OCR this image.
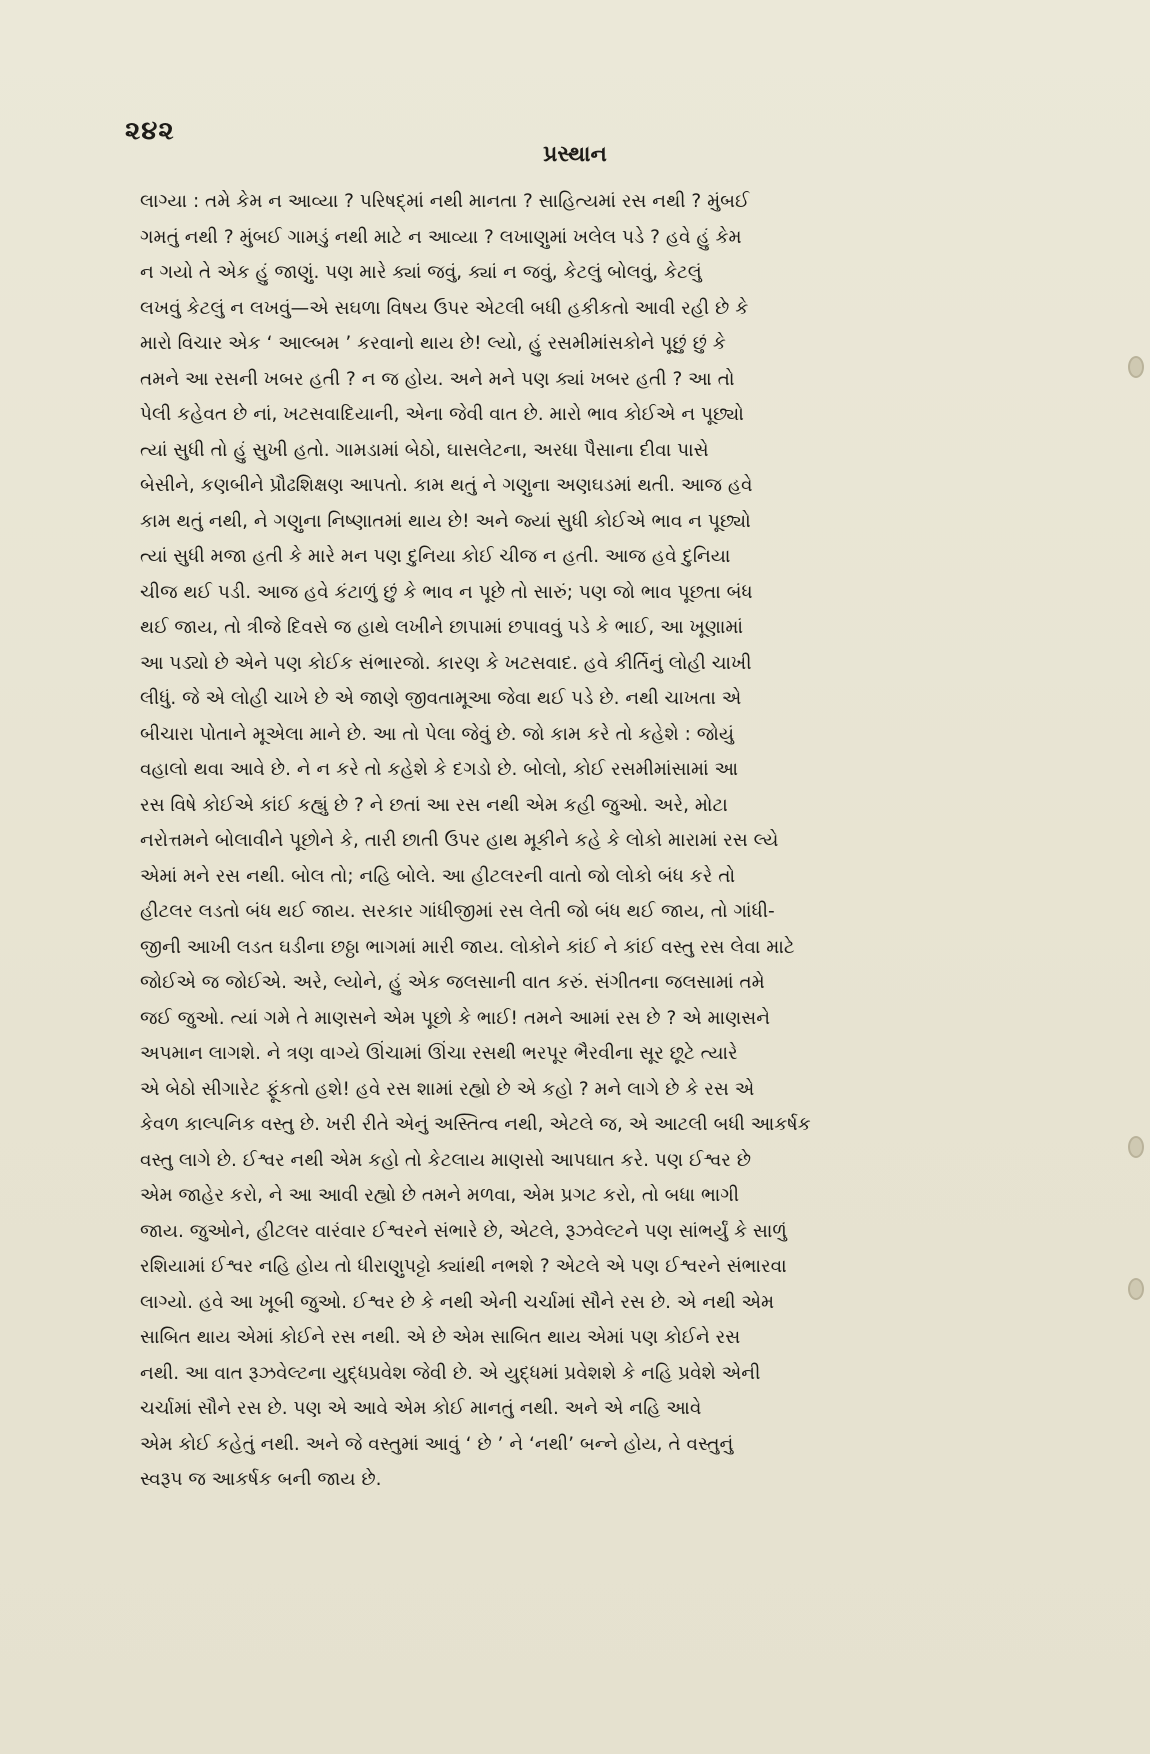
૨૪૨
પ્રસ્થાન
લાગ્યા : તમે કેમ ન આવ્યા ? પરિષદ્‌માં નથી માનતા ? સાહિત્યમાં રસ નથી ? મુંબઈ
ગમતું નથી ? મુંબઈ ગામડું નથી માટે ન આવ્યા ? લખાણુમાં ખલેલ પડે ? હવે હું કેમ
ન ગયો તે એક હું જાણું. પણ મારે ક્યાં જવું, ક્યાં ન જવું, કેટલું બોલવું, કેટલું
લખવું કેટલું ન લખવું—એ સઘળા વિષય ઉપર એટલી બધી હકીકતો આવી રહી છે કે
મારો વિચાર એક ‘ આલ્બમ ’ કરવાનો થાય છે! લ્યો, હું રસમીમાંસકોને પૂછું છું કે
તમને આ રસની ખબર હતી ? ન જ હોય. અને મને પણ ક્યાં ખબર હતી ? આ તો
પેલી કહેવત છે નાં, ખટસવાદિયાની, એના જેવી વાત છે. મારો ભાવ કોઈએ ન પૂછ્યો
ત્યાં સુધી તો હું સુખી હતો. ગામડામાં બેઠો, ઘાસલેટના, અરધા પૈસાના દીવા પાસે
બેસીને, કણબીને પ્રૌઢશિક્ષણ આપતો. કામ થતું ને ગણુના અણઘડમાં થતી. આજ હવે
કામ થતું નથી, ને ગણુના નિષ્ણાતમાં થાય છે! અને જ્યાં સુધી કોઈએ ભાવ ન પૂછ્યો
ત્યાં સુધી મજા હતી કે મારે મન પણ દુનિયા કોઈ ચીજ ન હતી. આજ હવે દુનિયા
ચીજ થઈ પડી. આજ હવે કંટાળું છું કે ભાવ ન પૂછે તો સારું; પણ જો ભાવ પૂછતા બંધ
થઈ જાય, તો ત્રીજે દિવસે જ હાથે લખીને છાપામાં છપાવવું પડે કે ભાઈ, આ ખૂણામાં
આ પડ્યો છે એને પણ કોઈક સંભારજો. કારણ કે ખટસવાદ. હવે કીર્તિનું લોહી ચાખી
લીધું. જે એ લોહી ચાખે છે એ જાણે જીવતામૂઆ જેવા થઈ પડે છે. નથી ચાખતા એ
બીચારા પોતાને મૂએલા માને છે. આ તો પેલા જેવું છે. જો કામ કરે તો કહેશે : જોયું
વહાલો થવા આવે છે. ને ન કરે તો કહેશે કે દગડો છે. બોલો, કોઈ રસમીમાંસામાં આ
રસ વિષે કોઈએ કાંઈ કહ્યું છે ? ને છતાં આ રસ નથી એમ કહી જુઓ. અરે, મોટા
નરોત્તમને બોલાવીને પૂછોને કે, તારી છાતી ઉપર હાથ મૂકીને કહે કે લોકો મારામાં રસ લ્યે
એમાં મને રસ નથી. બોલ તો; નહિ બોલે. આ હીટલરની વાતો જો લોકો બંધ કરે તો
હીટલર લડતો બંધ થઈ જાય. સરકાર ગાંધીજીમાં રસ લેતી જો બંધ થઈ જાય, તો ગાંધી-
જીની આખી લડત ઘડીના છઠ્ઠા ભાગમાં મારી જાય. લોકોને કાંઈ ને કાંઈ વસ્તુ રસ લેવા માટે
જોઈએ જ જોઈએ. અરે, લ્યોને, હું એક જલસાની વાત કરું. સંગીતના જલસામાં તમે
જઈ જુઓ. ત્યાં ગમે તે માણસને એમ પૂછો કે ભાઈ! તમને આમાં રસ છે ? એ માણસને
અપમાન લાગશે. ને ત્રણ વાગ્યે ઊંચામાં ઊંચા રસથી ભરપૂર ભૈરવીના સૂર છૂટે ત્યારે
એ બેઠો સીગારેટ ફૂંકતો હશે! હવે રસ શામાં રહ્યો છે એ કહો ? મને લાગે છે કે રસ એ
કેવળ કાલ્પનિક વસ્તુ છે. ખરી રીતે એનું અસ્તિત્વ નથી, એટલે જ, એ આટલી બધી આકર્ષક
વસ્તુ લાગે છે. ઈશ્વર નથી એમ કહો તો કેટલાય માણસો આપઘાત કરે. પણ ઈશ્વર છે
એમ જાહેર કરો, ને આ આવી રહ્યો છે તમને મળવા, એમ પ્રગટ કરો, તો બધા ભાગી
જાય. જુઓને, હીટલર વારંવાર ઈશ્વરને સંભારે છે, એટલે, રૂઝવેલ્ટને પણ સાંભર્યું કે સાળું
રશિયામાં ઈશ્વર નહિ હોય તો ધીરાણુપટ્ટો ક્યાંથી નભશે ? એટલે એ પણ ઈશ્વરને સંભારવા
લાગ્યો. હવે આ ખૂબી જુઓ. ઈશ્વર છે કે નથી એની ચર્ચામાં સૌને રસ છે. એ નથી એમ
સાબિત થાય એમાં કોઈને રસ નથી. એ છે એમ સાબિત થાય એમાં પણ કોઈને રસ
નથી. આ વાત રૂઝવેલ્ટના યુદ્ધપ્રવેશ જેવી છે. એ યુદ્ધમાં પ્રવેશશે કે નહિ પ્રવેશે એની
ચર્ચામાં સૌને રસ છે. પણ એ આવે એમ કોઈ માનતું નથી. અને એ નહિ આવે
એમ કોઈ કહેતું નથી. અને જે વસ્તુમાં આવું ‘ છે ’ ને ‘નથી’ બન્ને હોય, તે વસ્તુનું
સ્વરૂપ જ આકર્ષક બની જાય છે.
